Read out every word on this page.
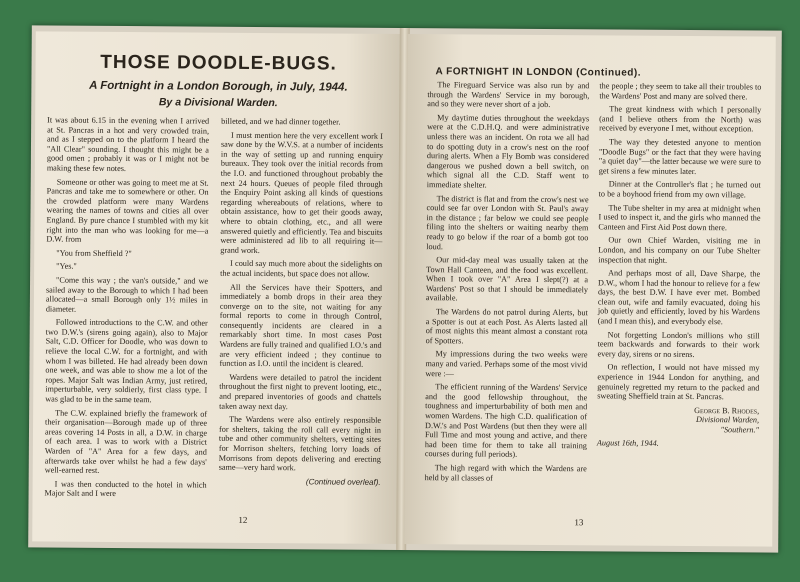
THOSE DOODLE-BUGS.
A Fortnight in a London Borough, in July, 1944.
By a Divisional Warden.

It was about 6.15 in the evening when I arrived at St. Pancras in a hot and very crowded train, and as I stepped on to the platform I heard the "All Clear" sounding. I thought this might be a good omen ; probably it was or I might not be making these few notes.

Someone or other was going to meet me at St. Pancras and take me to somewhere or other. On the crowded platform were many Wardens wearing the names of towns and cities all over England. By pure chance I stumbled with my kit right into the man who was looking for me—a D.W. from

"You from Sheffield ?"

"Yes."

"Come this way ; the van's outside," and we sailed away to the Borough to which I had been allocated—a small Borough only 1½ miles in diameter.

Followed introductions to the C.W. and other two D.W.'s (sirens going again), also to Major Salt, C.D. Officer for Doodle, who was down to relieve the local C.W. for a fortnight, and with whom I was billeted. He had already been down one week, and was able to show me a lot of the ropes. Major Salt was Indian Army, just retired, imperturbable, very soldierly, first class type. I was glad to be in the same team.

The C.W. explained briefly the framework of their organisation—Borough made up of three areas covering 14 Posts in all, a D.W. in charge of each area. I was to work with a District Warden of "A" Area for a few days, and afterwards take over whilst he had a few days' well-earned rest.

I was then conducted to the hotel in which Major Salt and I were

billeted, and we had dinner together.

I must mention here the very excellent work I saw done by the W.V.S. at a number of incidents in the way of setting up and running enquiry bureaux. They took over the initial records from the I.O. and functioned throughout probably the next 24 hours. Queues of people filed through the Enquiry Point asking all kinds of questions regarding whereabouts of relations, where to obtain assistance, how to get their goods away, where to obtain clothing, etc., and all were answered quietly and efficiently. Tea and biscuits were administered ad lib to all requiring it—grand work.

I could say much more about the sidelights on the actual incidents, but space does not allow.

All the Services have their Spotters, and immediately a bomb drops in their area they converge on to the site, not waiting for any formal reports to come in through Control, consequently incidents are cleared in a remarkably short time. In most cases Post Wardens are fully trained and qualified I.O.'s and are very efficient indeed ; they continue to function as I.O. until the incident is cleared.

Wardens were detailed to patrol the incident throughout the first night to prevent looting, etc., and prepared inventories of goods and chattels taken away next day.

The Wardens were also entirely responsible for shelters, taking the roll call every night in tube and other community shelters, vetting sites for Morrison shelters, fetching lorry loads of Morrisons from depots delivering and erecting same—very hard work.

(Continued overleaf).
12
A FORTNIGHT IN LONDON (Continued).

The Fireguard Service was also run by and through the Wardens' Service in my borough, and so they were never short of a job.

My daytime duties throughout the weekdays were at the C.D.H.Q. and were administrative unless there was an incident. On rota we all had to do spotting duty in a crow's nest on the roof during alerts. When a Fly Bomb was considered dangerous we pushed down a bell switch, on which signal all the C.D. Staff went to immediate shelter.

The district is flat and from the crow's nest we could see far over London with St. Paul's away in the distance ; far below we could see people filing into the shelters or waiting nearby them ready to go below if the roar of a bomb got too loud.

Our mid-day meal was usually taken at the Town Hall Canteen, and the food was excellent. When I took over "A" Area I slept(?) at a Wardens' Post so that I should be immediately available.

The Wardens do not patrol during Alerts, but a Spotter is out at each Post. As Alerts lasted all of most nights this meant almost a constant rota of Spotters.

My impressions during the two weeks were many and varied. Perhaps some of the most vivid were :—

The efficient running of the Wardens' Service and the good fellowship throughout, the toughness and imperturbability of both men and women Wardens. The high C.D. qualification of D.W.'s and Post Wardens (but then they were all Full Time and most young and active, and there had been time for them to take all training courses during full periods).

The high regard with which the Wardens are held by all classes of

the people ; they seem to take all their troubles to the Wardens' Post and many are solved there.

The great kindness with which I personally (and I believe others from the North) was received by everyone I met, without exception.

The way they detested anyone to mention "Doodle Bugs" or the fact that they were having "a quiet day"—the latter because we were sure to get sirens a few minutes later.

Dinner at the Controller's flat ; he turned out to be a boyhood friend from my own village.

The Tube shelter in my area at midnight when I used to inspect it, and the girls who manned the Canteen and First Aid Post down there.

Our own Chief Warden, visiting me in London, and his company on our Tube Shelter inspection that night.

And perhaps most of all, Dave Sharpe, the D.W., whom I had the honour to relieve for a few days, the best D.W. I have ever met. Bombed clean out, wife and family evacuated, doing his job quietly and efficiently, loved by his Wardens (and I mean this), and everybody else.

Not forgetting London's millions who still teem backwards and forwards to their work every day, sirens or no sirens.

On reflection, I would not have missed my experience in 1944 London for anything, and genuinely regretted my return to the packed and sweating Sheffield train at St. Pancras.

George B. Rhodes,
Divisional Warden,
"Southern."
August 16th, 1944.
13
